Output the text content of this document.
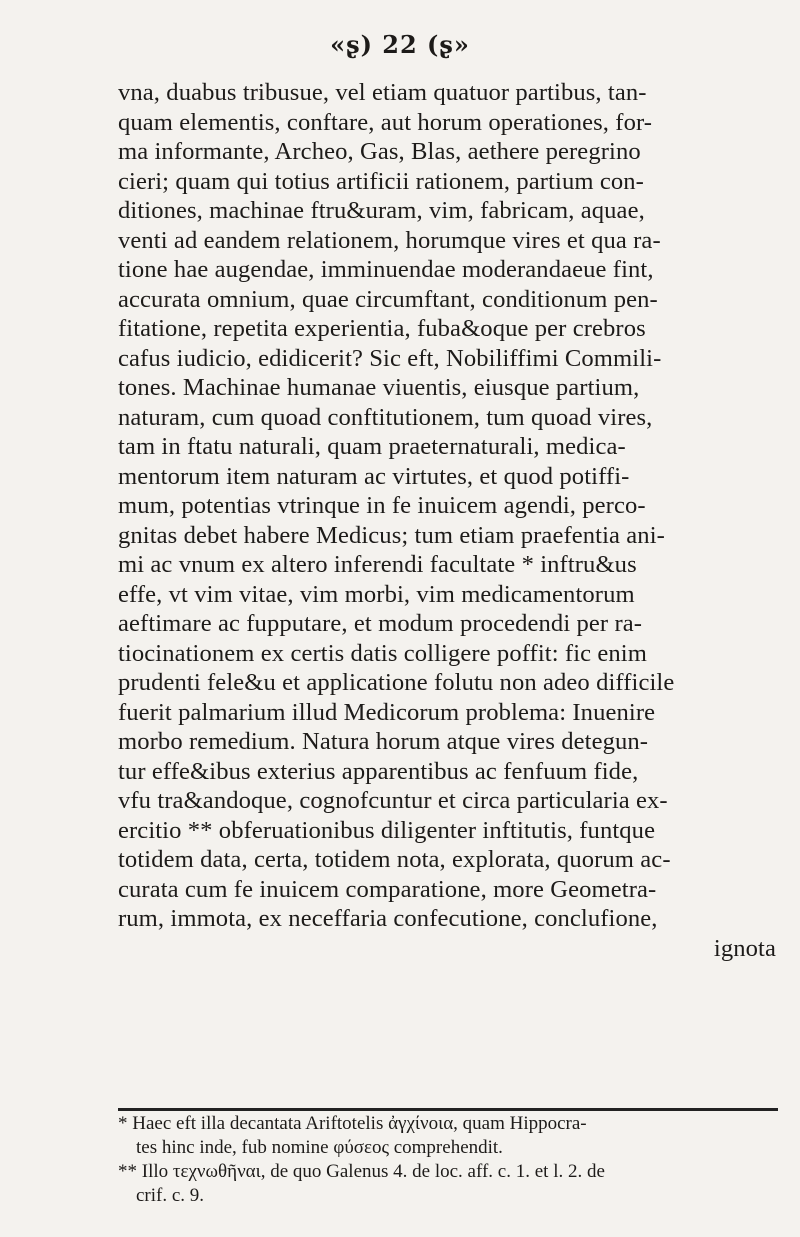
«ʂ) 22 (ʂ»
vna, duabus tribusue, vel etiam quatuor partibus, tan-
quam elementis, conftare, aut horum operationes, for-
ma informante, Archeo, Gas, Blas, aethere peregrino
cieri; quam qui totius artificii rationem, partium con-
ditiones, machinae ftru&uram, vim, fabricam, aquae,
venti ad eandem relationem, horumque vires et qua ra-
tione hae augendae, imminuendae moderandaeue fint,
accurata omnium, quae circumftant, conditionum pen-
fitatione, repetita experientia, fuba&oque per crebros
cafus iudicio, edidicerit? Sic eft, Nobiliffimi Commili-
tones. Machinae humanae viuentis, eiusque partium,
naturam, cum quoad conftitutionem, tum quoad vires,
tam in ftatu naturali, quam praeternaturali, medica-
mentorum item naturam ac virtutes, et quod potiffi-
mum, potentias vtrinque in fe inuicem agendi, perco-
gnitas debet habere Medicus; tum etiam praefentia ani-
mi ac vnum ex altero inferendi facultate * inftru&us
effe, vt vim vitae, vim morbi, vim medicamentorum
aeftimare ac fupputare, et modum procedendi per ra-
tiocinationem ex certis datis colligere poffit: fic enim
prudenti fele&u et applicatione folutu non adeo difficile
fuerit palmarium illud Medicorum problema: Inuenire
morbo remedium. Natura horum atque vires detegun-
tur effe&ibus exterius apparentibus ac fenfuum fide,
vfu tra&andoque, cognofcuntur et circa particularia ex-
ercitio ** obferuationibus diligenter inftitutis, funtque
totidem data, certa, totidem nota, explorata, quorum ac-
curata cum fe inuicem comparatione, more Geometra-
rum, immota, ex neceffaria confecutione, conclufione,
ignota
* Haec eft illa decantata Ariftotelis ἀγχίνοια, quam Hippocra-
tes hinc inde, fub nomine φύσεος comprehendit.
** Illo τεχνωθῆναι, de quo Galenus 4. de loc. aff. c. 1. et l. 2. de
crif. c. 9.
